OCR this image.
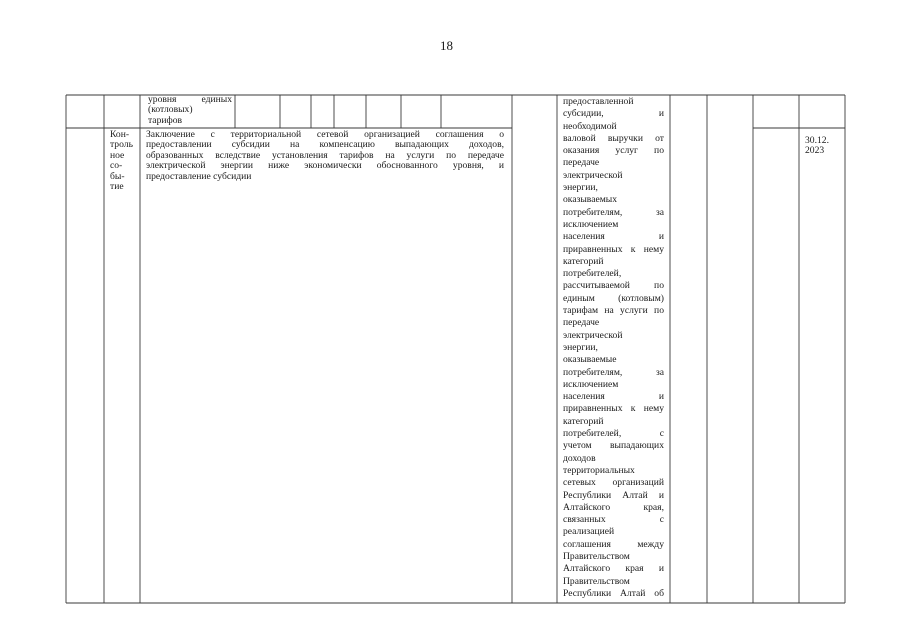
18
уровня единых
(котловых)
тарифов
Кон-
троль
ное
со-
бы-
тие
Заключение с территориальной сетевой организацией соглашения о
предоставлении субсидии на компенсацию выпадающих доходов,
образованных вследствие установления тарифов на услуги по передаче
электрической энергии ниже экономически обоснованного уровня, и
предоставление субсидии
30.12.
2023
предоставленной
субсидии, и
необходимой
валовой выручки от
оказания услуг по
передаче
электрической
энергии,
оказываемых
потребителям, за
исключением
населения и
приравненных к нему
категорий
потребителей,
рассчитываемой по
единым (котловым)
тарифам на услуги по
передаче
электрической
энергии,
оказываемые
потребителям, за
исключением
населения и
приравненных к нему
категорий
потребителей, с
учетом выпадающих
доходов
территориальных
сетевых организаций
Республики Алтай и
Алтайского края,
связанных с
реализацией
соглашения между
Правительством
Алтайского края и
Правительством
Республики Алтай об
